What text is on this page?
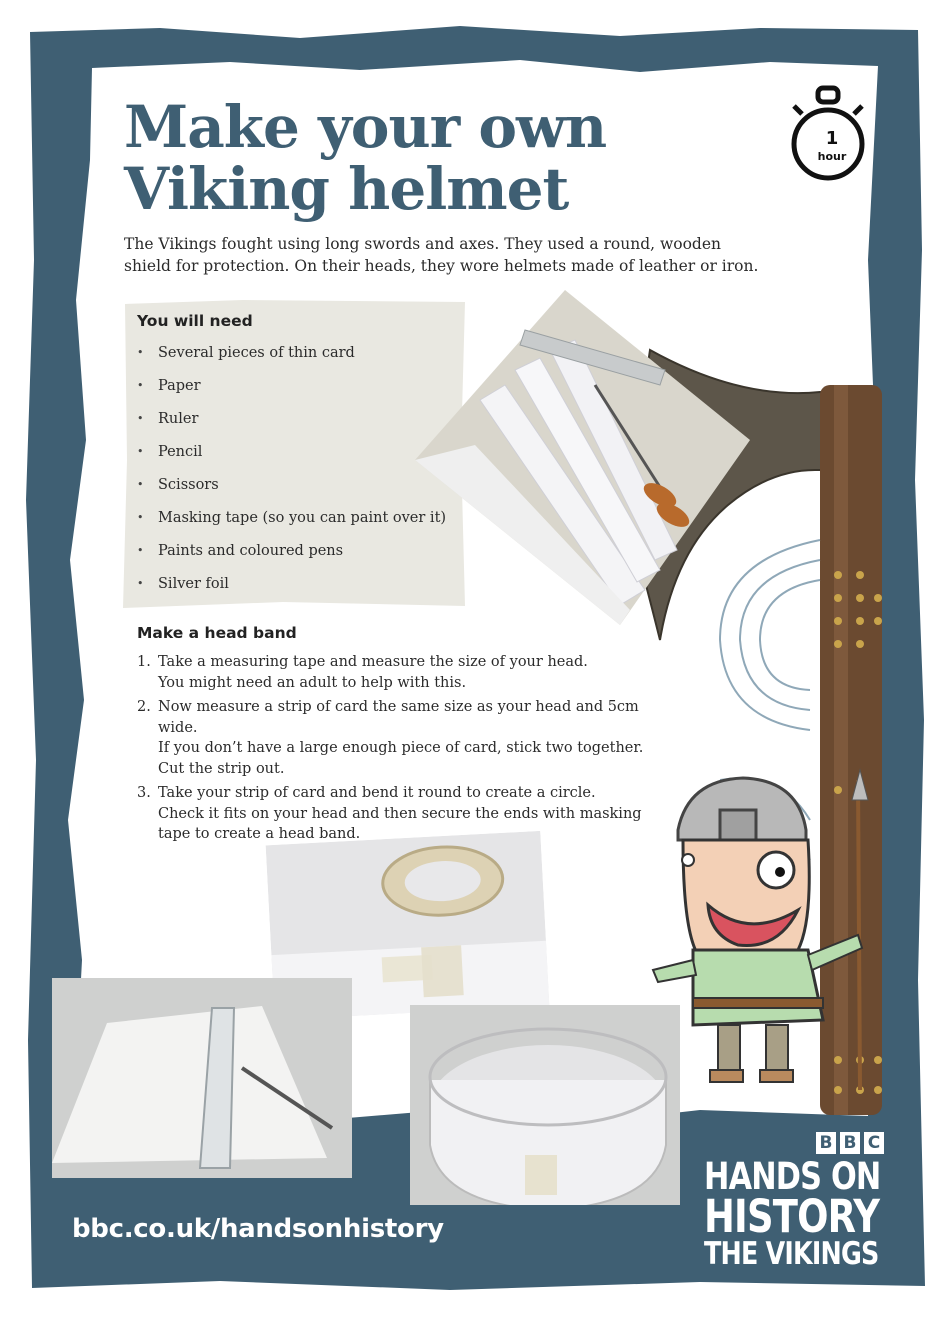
Make your own
Viking helmet
1
hour

The Vikings fought using long swords and axes. They used a round, wooden shield for protection. On their heads, they wore helmets made of leather or iron.

You will need
• Several pieces of thin card
• Paper
• Ruler
• Pencil
• Scissors
• Masking tape (so you can paint over it)
• Paints and coloured pens
• Silver foil
Make a head band
1. Take a measuring tape and measure the size of your head.
You might need an adult to help with this.
2. Now measure a strip of card the same size as your head and 5cm wide.
If you don’t have a large enough piece of card, stick two together.
Cut the strip out.
3. Take your strip of card and bend it round to create a circle.
Check it fits on your head and then secure the ends with masking
tape to create a head band.

bbc.co.uk/handsonhistory

B B C
HANDS ON
HISTORY
THE VIKINGS
